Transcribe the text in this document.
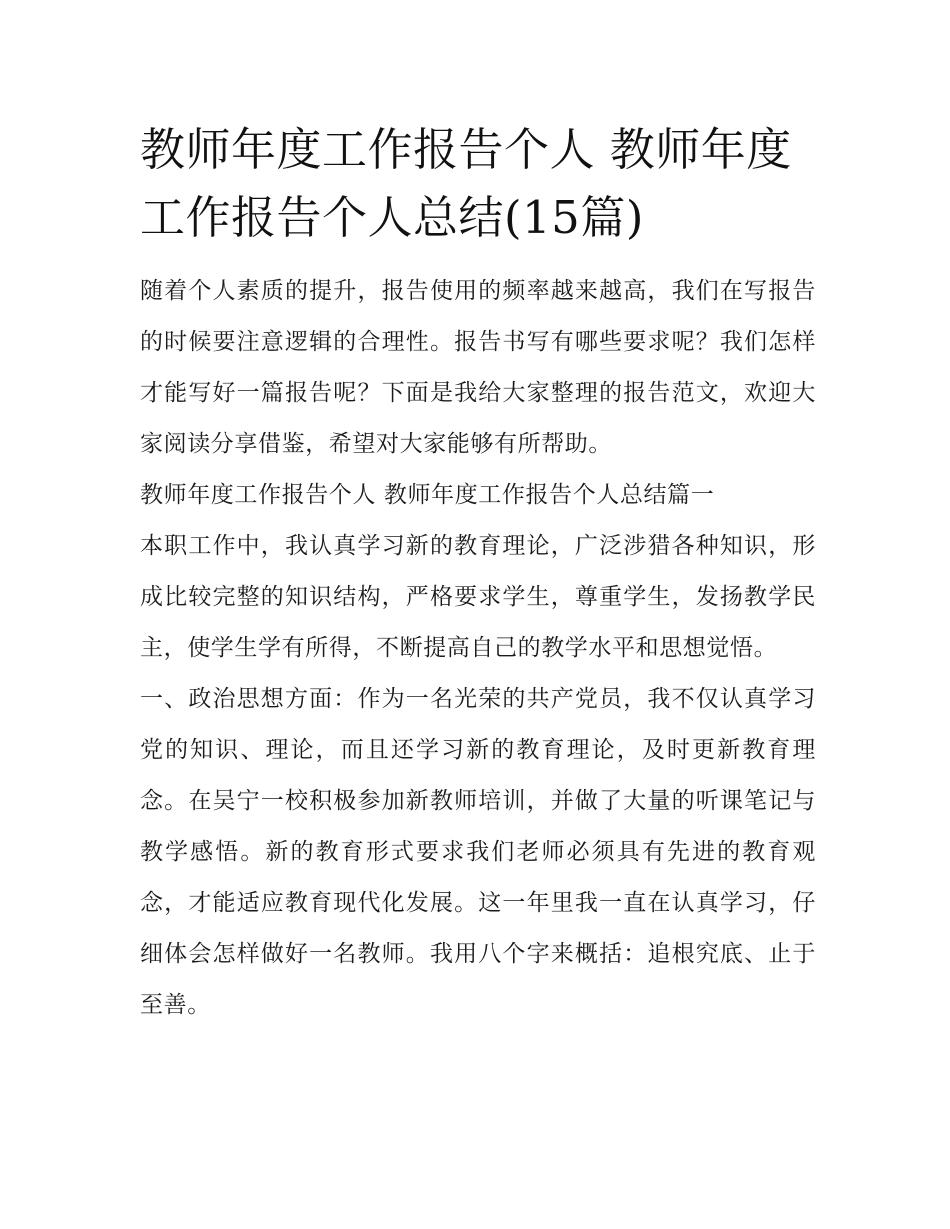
教师年度工作报告个人 教师年度工作报告个人总结(15篇)

随着个人素质的提升，报告使用的频率越来越高，我们在写报告的时候要注意逻辑的合理性。报告书写有哪些要求呢？我们怎样才能写好一篇报告呢？下面是我给大家整理的报告范文，欢迎大家阅读分享借鉴，希望对大家能够有所帮助。

教师年度工作报告个人 教师年度工作报告个人总结篇一

本职工作中，我认真学习新的教育理论，广泛涉猎各种知识，形成比较完整的知识结构，严格要求学生，尊重学生，发扬教学民主，使学生学有所得，不断提高自己的教学水平和思想觉悟。

一、政治思想方面：作为一名光荣的共产党员，我不仅认真学习党的知识、理论，而且还学习新的教育理论，及时更新教育理念。在吴宁一校积极参加新教师培训，并做了大量的听课笔记与教学感悟。新的教育形式要求我们老师必须具有先进的教育观念，才能适应教育现代化发展。这一年里我一直在认真学习，仔细体会怎样做好一名教师。我用八个字来概括：追根究底、止于至善。
